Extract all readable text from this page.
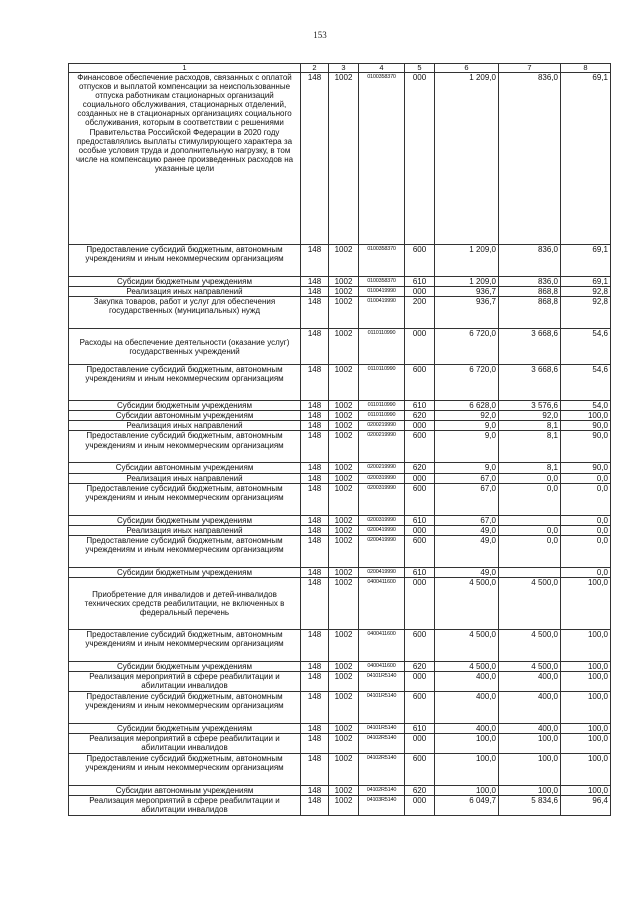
153
1	2	3	4	5	6	7	8
Финансовое обеспечение расходов, связанных с оплатой отпусков и выплатой компенсации за неиспользованные отпуска работникам стационарных организаций социального обслуживания, стационарных отделений, созданных не в стационарных организациях социального обслуживания, которым в соответствии с решениями Правительства Российской Федерации в 2020 году предоставлялись выплаты стимулирующего характера за особые условия труда и дополнительную нагрузку, в том числе на компенсацию ранее произведенных расходов на указанные цели	148	1002	0100358370	000	1 209,0	836,0	69,1
Предоставление субсидий бюджетным, автономным учреждениям и иным некоммерческим организациям	148	1002	0100358370	600	1 209,0	836,0	69,1
Субсидии бюджетным учреждениям	148	1002	0100358370	610	1 209,0	836,0	69,1
Реализация иных направлений	148	1002	0100419990	000	936,7	868,8	92,8
Закупка товаров, работ и услуг для обеспечения государственных (муниципальных) нужд	148	1002	0100419990	200	936,7	868,8	92,8
Расходы на обеспечение деятельности (оказание услуг) государственных учреждений	148	1002	0110110990	000	6 720,0	3 668,6	54,6
Предоставление субсидий бюджетным, автономным учреждениям и иным некоммерческим организациям	148	1002	0110110990	600	6 720,0	3 668,6	54,6
Субсидии бюджетным учреждениям	148	1002	0110110990	610	6 628,0	3 576,6	54,0
Субсидии автономным учреждениям	148	1002	0110110990	620	92,0	92,0	100,0
Реализация иных направлений	148	1002	0200219990	000	9,0	8,1	90,0
Предоставление субсидий бюджетным, автономным учреждениям и иным некоммерческим организациям	148	1002	0200219990	600	9,0	8,1	90,0
Субсидии автономным учреждениям	148	1002	0200219990	620	9,0	8,1	90,0
Реализация иных направлений	148	1002	0200319990	000	67,0	0,0	0,0
Предоставление субсидий бюджетным, автономным учреждениям и иным некоммерческим организациям	148	1002	0200319990	600	67,0	0,0	0,0
Субсидии бюджетным учреждениям	148	1002	0200319990	610	67,0		0,0
Реализация иных направлений	148	1002	0200419990	000	49,0	0,0	0,0
Предоставление субсидий бюджетным, автономным учреждениям и иным некоммерческим организациям	148	1002	0200419990	600	49,0	0,0	0,0
Субсидии бюджетным учреждениям	148	1002	0200419990	610	49,0		0,0
Приобретение для инвалидов и детей-инвалидов технических средств реабилитации, не включенных в федеральный перечень	148	1002	0400411600	000	4 500,0	4 500,0	100,0
Предоставление субсидий бюджетным, автономным учреждениям и иным некоммерческим организациям	148	1002	0400411600	600	4 500,0	4 500,0	100,0
Субсидии бюджетным учреждениям	148	1002	0400411600	620	4 500,0	4 500,0	100,0
Реализация мероприятий в сфере реабилитации и абилитации инвалидов	148	1002	04101R5140	000	400,0	400,0	100,0
Предоставление субсидий бюджетным, автономным учреждениям и иным некоммерческим организациям	148	1002	04101R5140	600	400,0	400,0	100,0
Субсидии бюджетным учреждениям	148	1002	04101R5140	610	400,0	400,0	100,0
Реализация мероприятий в сфере реабилитации и абилитации инвалидов	148	1002	04102R5140	000	100,0	100,0	100,0
Предоставление субсидий бюджетным, автономным учреждениям и иным некоммерческим организациям	148	1002	04102R5140	600	100,0	100,0	100,0
Субсидии автономным учреждениям	148	1002	04102R5140	620	100,0	100,0	100,0
Реализация мероприятий в сфере реабилитации и абилитации инвалидов	148	1002	04103R5140	000	6 049,7	5 834,6	96,4
